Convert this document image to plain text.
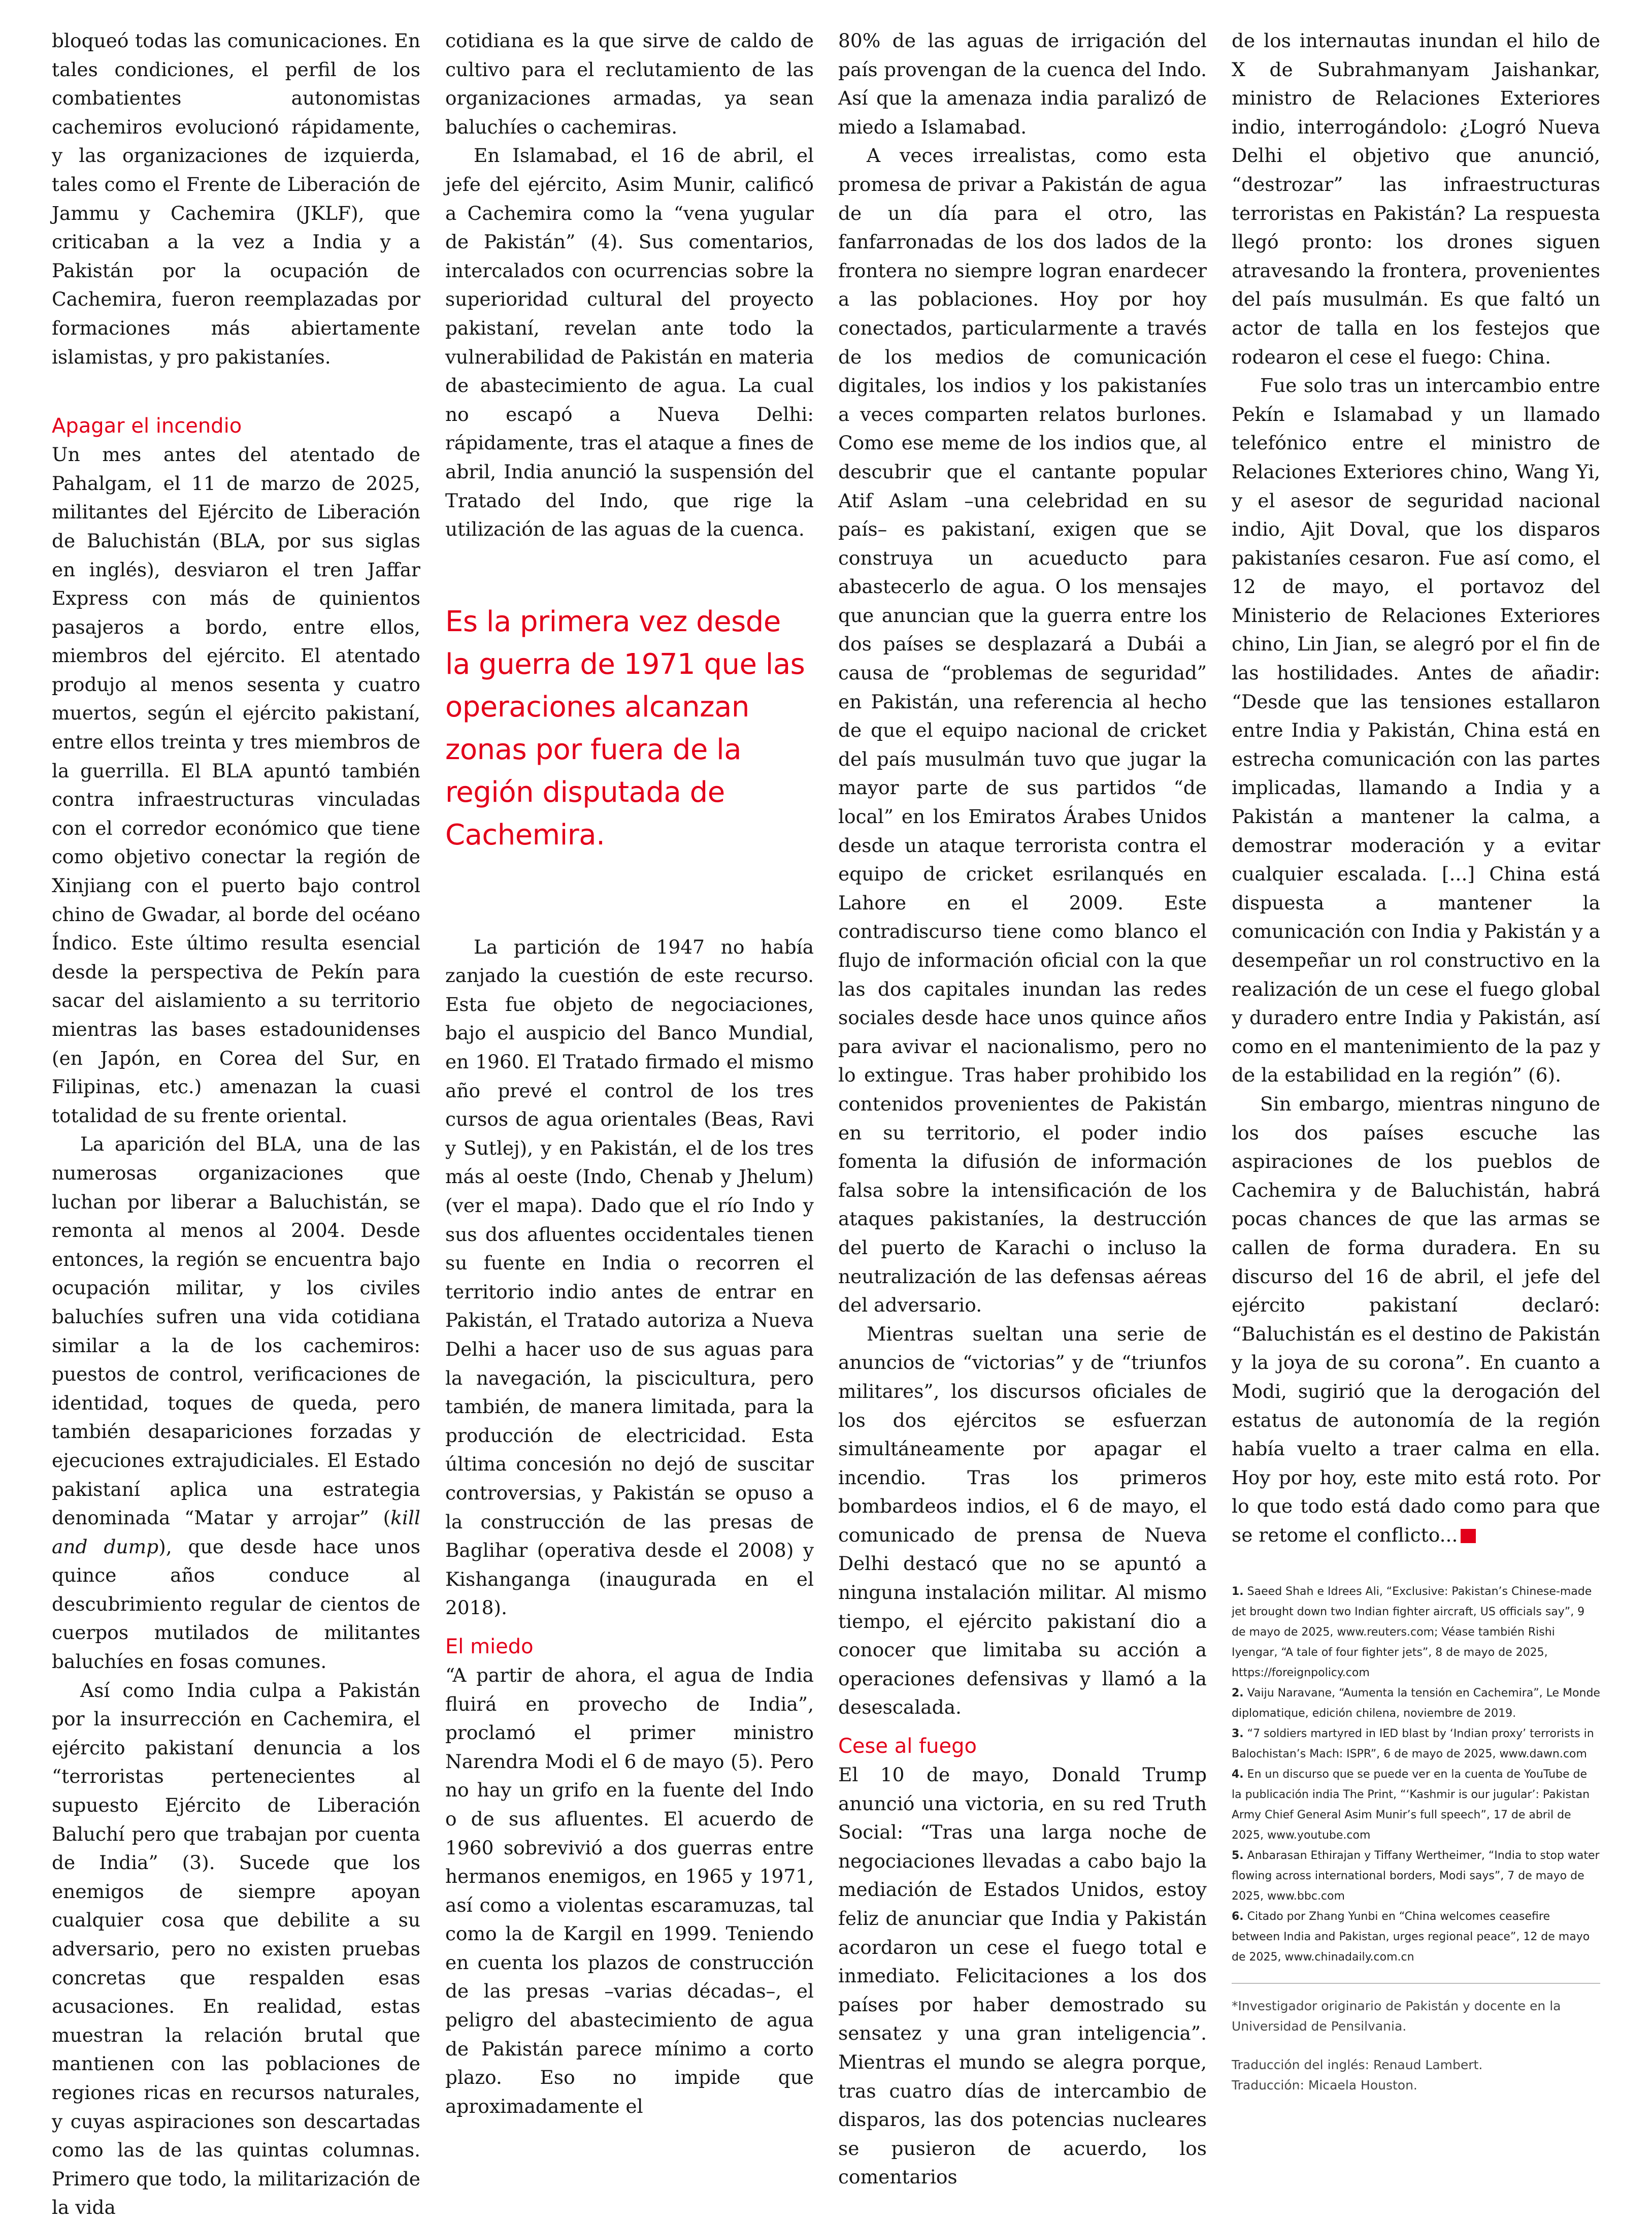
bloqueó todas las comunicaciones. En tales condiciones, el perfil de los combatientes autonomistas cachemiros evolucionó rápidamente, y las organizaciones de izquierda, tales como el Frente de Liberación de Jammu y Cachemira (JKLF), que criticaban a la vez a India y a Pakistán por la ocupación de Cachemira, fueron reemplazadas por formaciones más abiertamente islamistas, y pro pakistaníes.

Apagar el incendio

Un mes antes del atentado de Pahalgam, el 11 de marzo de 2025, militantes del Ejército de Liberación de Baluchistán (BLA, por sus siglas en inglés), desviaron el tren Jaffar Express con más de quinientos pasajeros a bordo, entre ellos, miembros del ejército. El atentado produjo al menos sesenta y cuatro muertos, según el ejército pakistaní, entre ellos treinta y tres miembros de la guerrilla. El BLA apuntó también contra infraestructuras vinculadas con el corredor económico que tiene como objetivo conectar la región de Xinjiang con el puerto bajo control chino de Gwadar, al borde del océano Índico. Este último resulta esencial desde la perspectiva de Pekín para sacar del aislamiento a su territorio mientras las bases estadounidenses (en Japón, en Corea del Sur, en Filipinas, etc.) amenazan la cuasi totalidad de su frente oriental.

La aparición del BLA, una de las numerosas organizaciones que luchan por liberar a Baluchistán, se remonta al menos al 2004. Desde entonces, la región se encuentra bajo ocupación militar, y los civiles baluchíes sufren una vida cotidiana similar a la de los cachemiros: puestos de control, verificaciones de identidad, toques de queda, pero también desapariciones forzadas y ejecuciones extrajudiciales. El Estado pakistaní aplica una estrategia denominada “Matar y arrojar” (kill and dump), que desde hace unos quince años conduce al descubrimiento regular de cientos de cuerpos mutilados de militantes baluchíes en fosas comunes.

Así como India culpa a Pakistán por la insurrección en Cachemira, el ejército pakistaní denuncia a los “terroristas pertenecientes al supuesto Ejército de Liberación Baluchí pero que trabajan por cuenta de India” (3). Sucede que los enemigos de siempre apoyan cualquier cosa que debilite a su adversario, pero no existen pruebas concretas que respalden esas acusaciones. En realidad, estas muestran la relación brutal que mantienen con las poblaciones de regiones ricas en recursos naturales, y cuyas aspiraciones son descartadas como las de las quintas columnas. Primero que todo, la militarización de la vida

cotidiana es la que sirve de caldo de cultivo para el reclutamiento de las organizaciones armadas, ya sean baluchíes o cachemiras.

En Islamabad, el 16 de abril, el jefe del ejército, Asim Munir, calificó a Cachemira como la “vena yugular de Pakistán” (4). Sus comentarios, intercalados con ocurrencias sobre la superioridad cultural del proyecto pakistaní, revelan ante todo la vulnerabilidad de Pakistán en materia de abastecimiento de agua. La cual no escapó a Nueva Delhi: rápidamente, tras el ataque a fines de abril, India anunció la suspensión del Tratado del Indo, que rige la utilización de las aguas de la cuenca.

Es la primera vez desde la guerra de 1971 que las operaciones alcanzan zonas por fuera de la región disputada de Cachemira.

La partición de 1947 no había zanjado la cuestión de este recurso. Esta fue objeto de negociaciones, bajo el auspicio del Banco Mundial, en 1960. El Tratado firmado el mismo año prevé el control de los tres cursos de agua orientales (Beas, Ravi y Sutlej), y en Pakistán, el de los tres más al oeste (Indo, Chenab y Jhelum) (ver el mapa). Dado que el río Indo y sus dos afluentes occidentales tienen su fuente en India o recorren el territorio indio antes de entrar en Pakistán, el Tratado autoriza a Nueva Delhi a hacer uso de sus aguas para la navegación, la piscicultura, pero también, de manera limitada, para la producción de electricidad. Esta última concesión no dejó de suscitar controversias, y Pakistán se opuso a la construcción de las presas de Baglihar (operativa desde el 2008) y Kishanganga (inaugurada en el 2018).

El miedo

“A partir de ahora, el agua de India fluirá en provecho de India”, proclamó el primer ministro Narendra Modi el 6 de mayo (5). Pero no hay un grifo en la fuente del Indo o de sus afluentes. El acuerdo de 1960 sobrevivió a dos guerras entre hermanos enemigos, en 1965 y 1971, así como a violentas escaramuzas, tal como la de Kargil en 1999. Teniendo en cuenta los plazos de construcción de las presas –varias décadas–, el peligro del abastecimiento de agua de Pakistán parece mínimo a corto plazo. Eso no impide que aproximadamente el

80% de las aguas de irrigación del país provengan de la cuenca del Indo. Así que la amenaza india paralizó de miedo a Islamabad.

A veces irrealistas, como esta promesa de privar a Pakistán de agua de un día para el otro, las fanfarronadas de los dos lados de la frontera no siempre logran enardecer a las poblaciones. Hoy por hoy conectados, particularmente a través de los medios de comunicación digitales, los indios y los pakistaníes a veces comparten relatos burlones. Como ese meme de los indios que, al descubrir que el cantante popular Atif Aslam –una celebridad en su país– es pakistaní, exigen que se construya un acueducto para abastecerlo de agua. O los mensajes que anuncian que la guerra entre los dos países se desplazará a Dubái a causa de “problemas de seguridad” en Pakistán, una referencia al hecho de que el equipo nacional de cricket del país musulmán tuvo que jugar la mayor parte de sus partidos “de local” en los Emiratos Árabes Unidos desde un ataque terrorista contra el equipo de cricket esrilanqués en Lahore en el 2009. Este contradiscurso tiene como blanco el flujo de información oficial con la que las dos capitales inundan las redes sociales desde hace unos quince años para avivar el nacionalismo, pero no lo extingue. Tras haber prohibido los contenidos provenientes de Pakistán en su territorio, el poder indio fomenta la difusión de información falsa sobre la intensificación de los ataques pakistaníes, la destrucción del puerto de Karachi o incluso la neutralización de las defensas aéreas del adversario.

Mientras sueltan una serie de anuncios de “victorias” y de “triunfos militares”, los discursos oficiales de los dos ejércitos se esfuerzan simultáneamente por apagar el incendio. Tras los primeros bombardeos indios, el 6 de mayo, el comunicado de prensa de Nueva Delhi destacó que no se apuntó a ninguna instalación militar. Al mismo tiempo, el ejército pakistaní dio a conocer que limitaba su acción a operaciones defensivas y llamó a la desescalada.

Cese al fuego

El 10 de mayo, Donald Trump anunció una victoria, en su red Truth Social: “Tras una larga noche de negociaciones llevadas a cabo bajo la mediación de Estados Unidos, estoy feliz de anunciar que India y Pakistán acordaron un cese el fuego total e inmediato. Felicitaciones a los dos países por haber demostrado su sensatez y una gran inteligencia”. Mientras el mundo se alegra porque, tras cuatro días de intercambio de disparos, las dos potencias nucleares se pusieron de acuerdo, los comentarios

de los internautas inundan el hilo de X de Subrahmanyam Jaishankar, ministro de Relaciones Exteriores indio, interrogándolo: ¿Logró Nueva Delhi el objetivo que anunció, “destrozar” las infraestructuras terroristas en Pakistán? La respuesta llegó pronto: los drones siguen atravesando la frontera, provenientes del país musulmán. Es que faltó un actor de talla en los festejos que rodearon el cese el fuego: China.

Fue solo tras un intercambio entre Pekín e Islamabad y un llamado telefónico entre el ministro de Relaciones Exteriores chino, Wang Yi, y el asesor de seguridad nacional indio, Ajit Doval, que los disparos pakistaníes cesaron. Fue así como, el 12 de mayo, el portavoz del Ministerio de Relaciones Exteriores chino, Lin Jian, se alegró por el fin de las hostilidades. Antes de añadir: “Desde que las tensiones estallaron entre India y Pakistán, China está en estrecha comunicación con las partes implicadas, llamando a India y a Pakistán a mantener la calma, a demostrar moderación y a evitar cualquier escalada. [...] China está dispuesta a mantener la comunicación con India y Pakistán y a desempeñar un rol constructivo en la realización de un cese el fuego global y duradero entre India y Pakistán, así como en el mantenimiento de la paz y de la estabilidad en la región” (6).

Sin embargo, mientras ninguno de los dos países escuche las aspiraciones de los pueblos de Cachemira y de Baluchistán, habrá pocas chances de que las armas se callen de forma duradera. En su discurso del 16 de abril, el jefe del ejército pakistaní declaró: “Baluchistán es el destino de Pakistán y la joya de su corona”. En cuanto a Modi, sugirió que la derogación del estatus de autonomía de la región había vuelto a traer calma en ella. Hoy por hoy, este mito está roto. Por lo que todo está dado como para que se retome el conflicto...

1. Saeed Shah e Idrees Ali, “Exclusive: Pakistan’s Chinese-made jet brought down two Indian fighter aircraft, US officials say”, 9 de mayo de 2025, www.reuters.com; Véase también Rishi Iyengar, “A tale of four fighter jets”, 8 de mayo de 2025, https://foreignpolicy.com

2. Vaiju Naravane, “Aumenta la tensión en Cachemira”, Le Monde diplomatique, edición chilena, noviembre de 2019.

3. “7 soldiers martyred in IED blast by ‘Indian proxy’ terrorists in Balochistan’s Mach: ISPR”, 6 de mayo de 2025, www.dawn.com

4. En un discurso que se puede ver en la cuenta de YouTube de la publicación india The Print, “‘Kashmir is our jugular’: Pakistan Army Chief General Asim Munir’s full speech”, 17 de abril de 2025, www.youtube.com

5. Anbarasan Ethirajan y Tiffany Wertheimer, “India to stop water flowing across international borders, Modi says”, 7 de mayo de 2025, www.bbc.com

6. Citado por Zhang Yunbi en “China welcomes ceasefire between India and Pakistan, urges regional peace”, 12 de mayo de 2025, www.chinadaily.com.cn

*Investigador originario de Pakistán y docente en la Universidad de Pensilvania.

Traducción del inglés: Renaud Lambert.

Traducción: Micaela Houston.
